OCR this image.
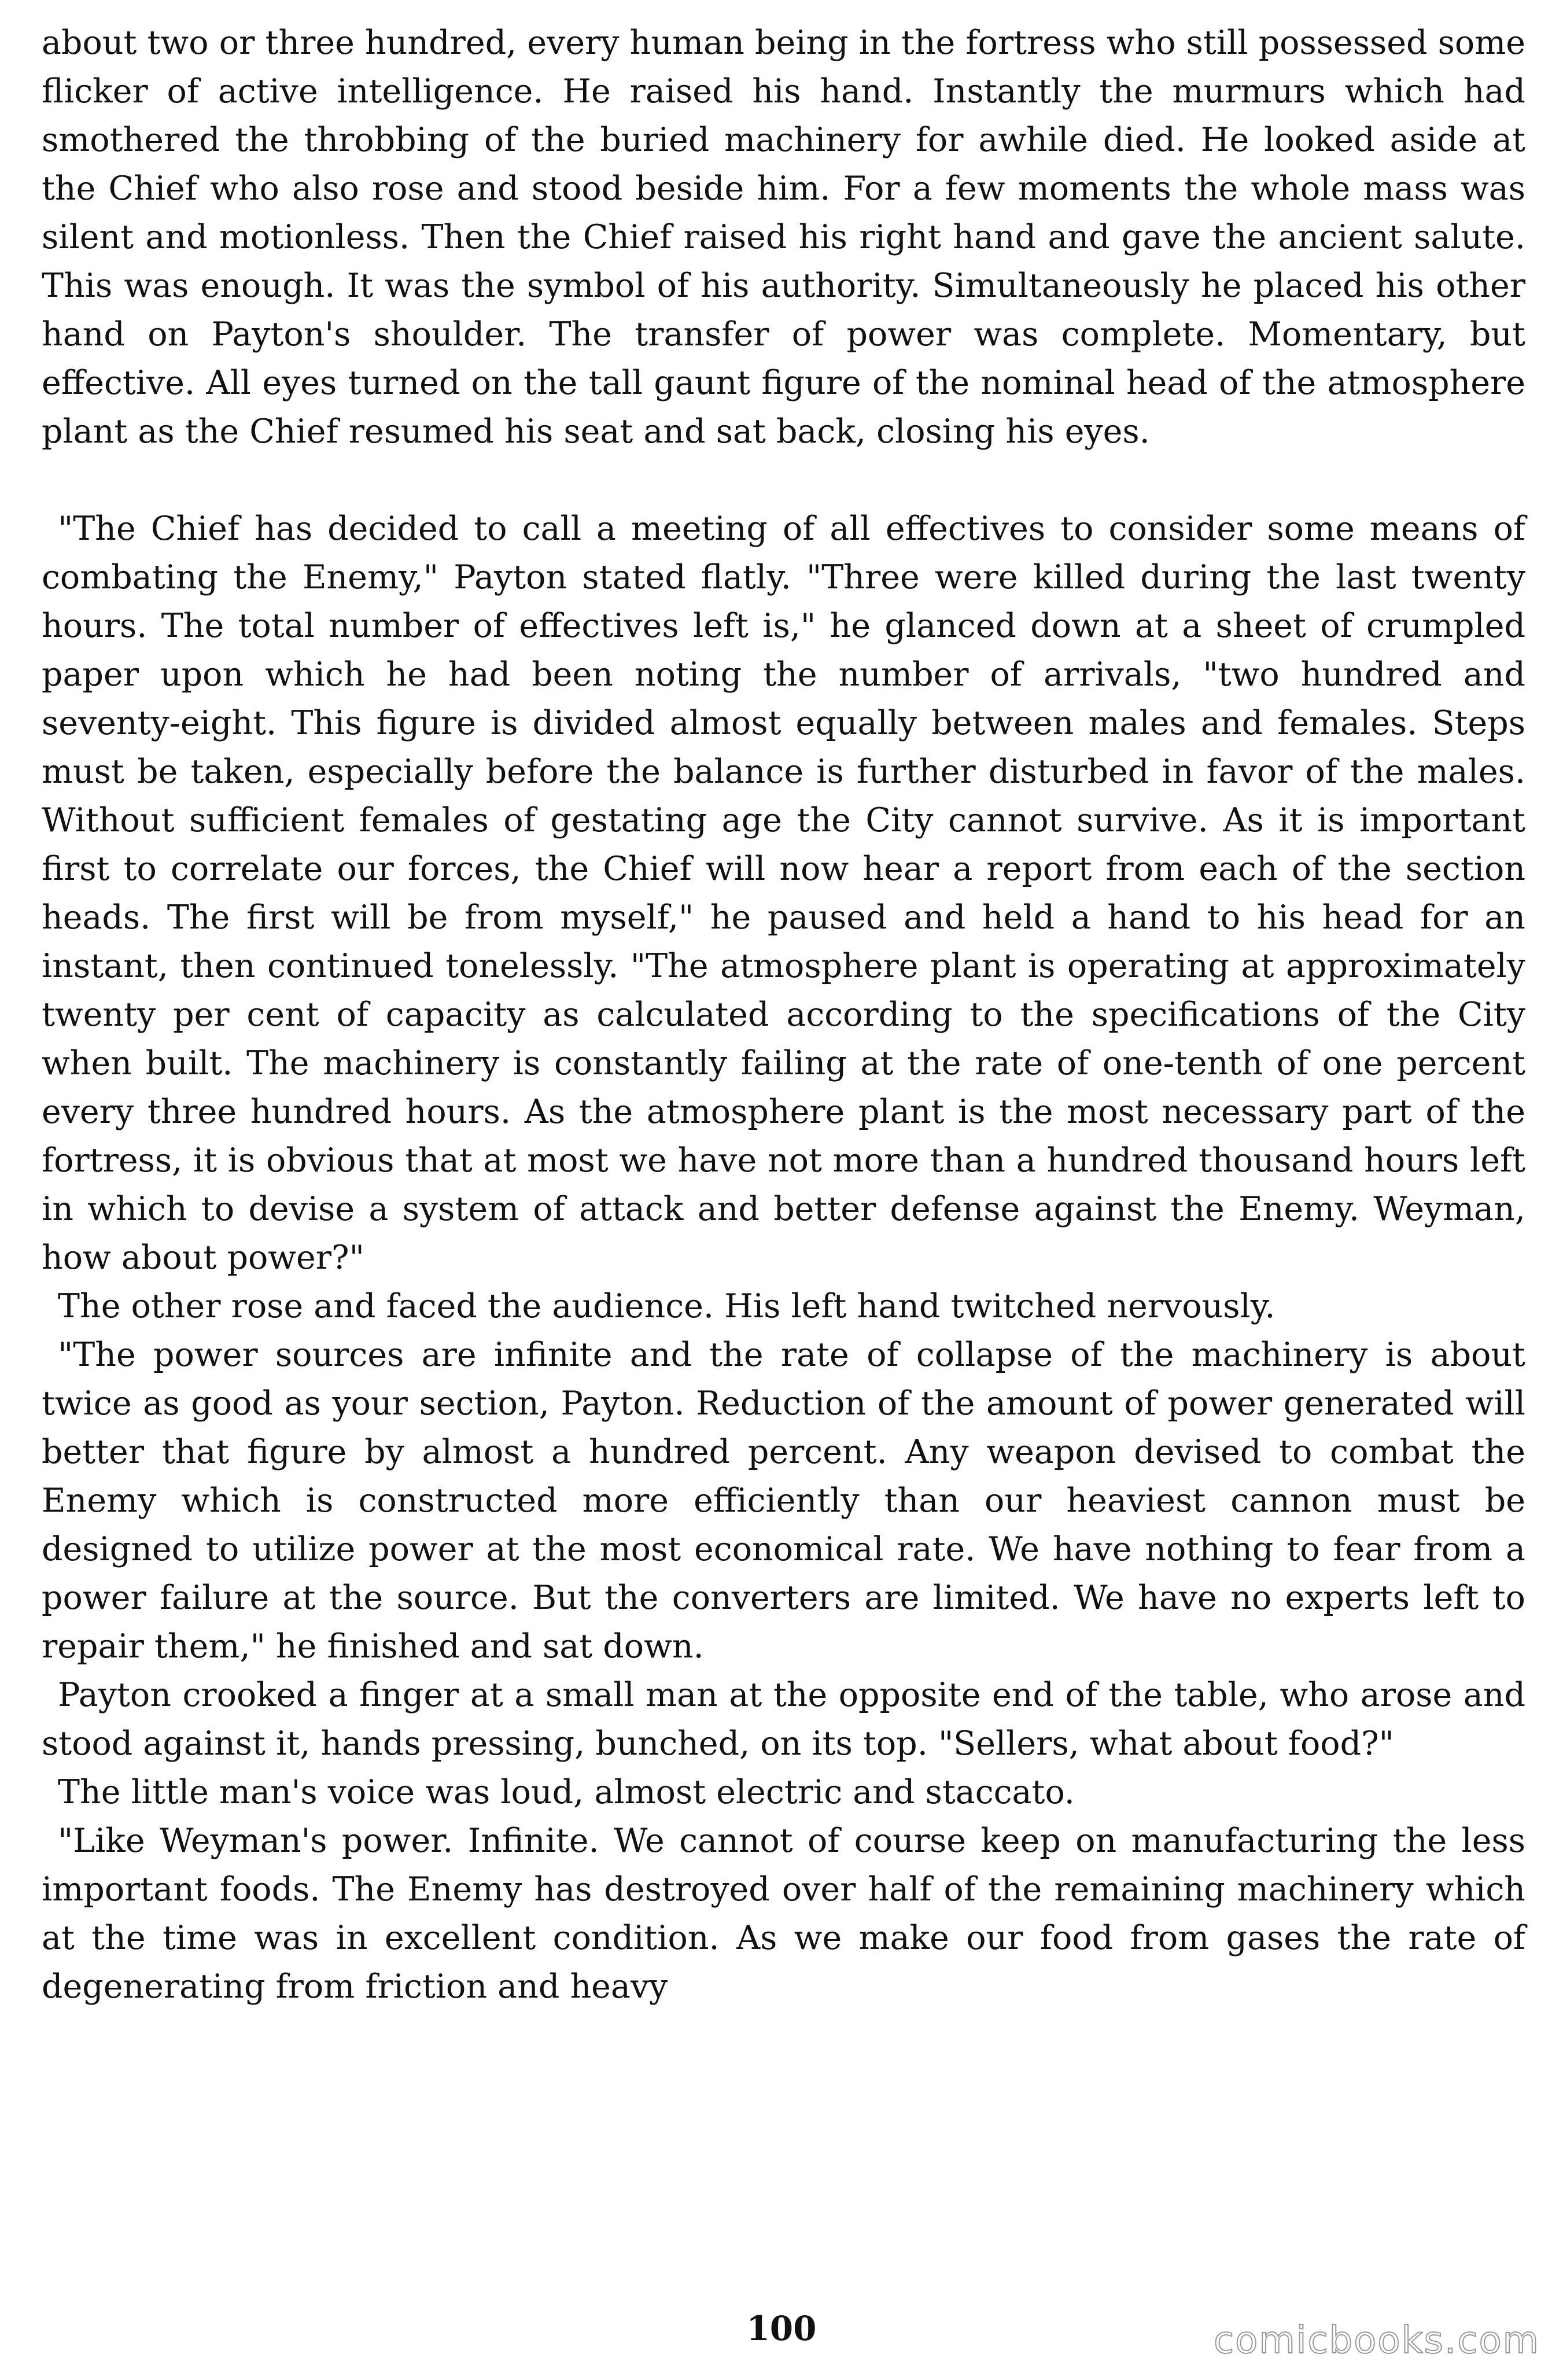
about two or three hundred, every human being in the fortress who still possessed some flicker of active intelligence. He raised his hand. Instantly the murmurs which had smothered the throbbing of the buried machinery for awhile died. He looked aside at the Chief who also rose and stood beside him. For a few moments the whole mass was silent and motionless. Then the Chief raised his right hand and gave the ancient salute. This was enough. It was the symbol of his authority. Simultaneously he placed his other hand on Payton's shoulder. The transfer of power was complete. Momentary, but effective. All eyes turned on the tall gaunt figure of the nominal head of the atmosphere plant as the Chief resumed his seat and sat back, closing his eyes.

"The Chief has decided to call a meeting of all effectives to consider some means of combating the Enemy," Payton stated flatly. "Three were killed during the last twenty hours. The total number of effectives left is," he glanced down at a sheet of crumpled paper upon which he had been noting the number of arrivals, "two hundred and seventy-eight. This figure is divided almost equally between males and females. Steps must be taken, especially before the balance is further disturbed in favor of the males. Without sufficient females of gestating age the City cannot survive. As it is important first to correlate our forces, the Chief will now hear a report from each of the section heads. The first will be from myself," he paused and held a hand to his head for an instant, then continued tonelessly. "The atmosphere plant is operating at approximately twenty per cent of capacity as calculated according to the specifications of the City when built. The machinery is constantly failing at the rate of one-tenth of one percent every three hundred hours. As the atmosphere plant is the most necessary part of the fortress, it is obvious that at most we have not more than a hundred thousand hours left in which to devise a system of attack and better defense against the Enemy. Weyman, how about power?"

The other rose and faced the audience. His left hand twitched nervously.

"The power sources are infinite and the rate of collapse of the machinery is about twice as good as your section, Payton. Reduction of the amount of power generated will better that figure by almost a hundred percent. Any weapon devised to combat the Enemy which is constructed more efficiently than our heaviest cannon must be designed to utilize power at the most economical rate. We have nothing to fear from a power failure at the source. But the converters are limited. We have no experts left to repair them," he finished and sat down.

Payton crooked a finger at a small man at the opposite end of the table, who arose and stood against it, hands pressing, bunched, on its top. "Sellers, what about food?"

The little man's voice was loud, almost electric and staccato.

"Like Weyman's power. Infinite. We cannot of course keep on manufacturing the less important foods. The Enemy has destroyed over half of the remaining machinery which at the time was in excellent condition. As we make our food from gases the rate of degenerating from friction and heavy

100	comicbooks.com
